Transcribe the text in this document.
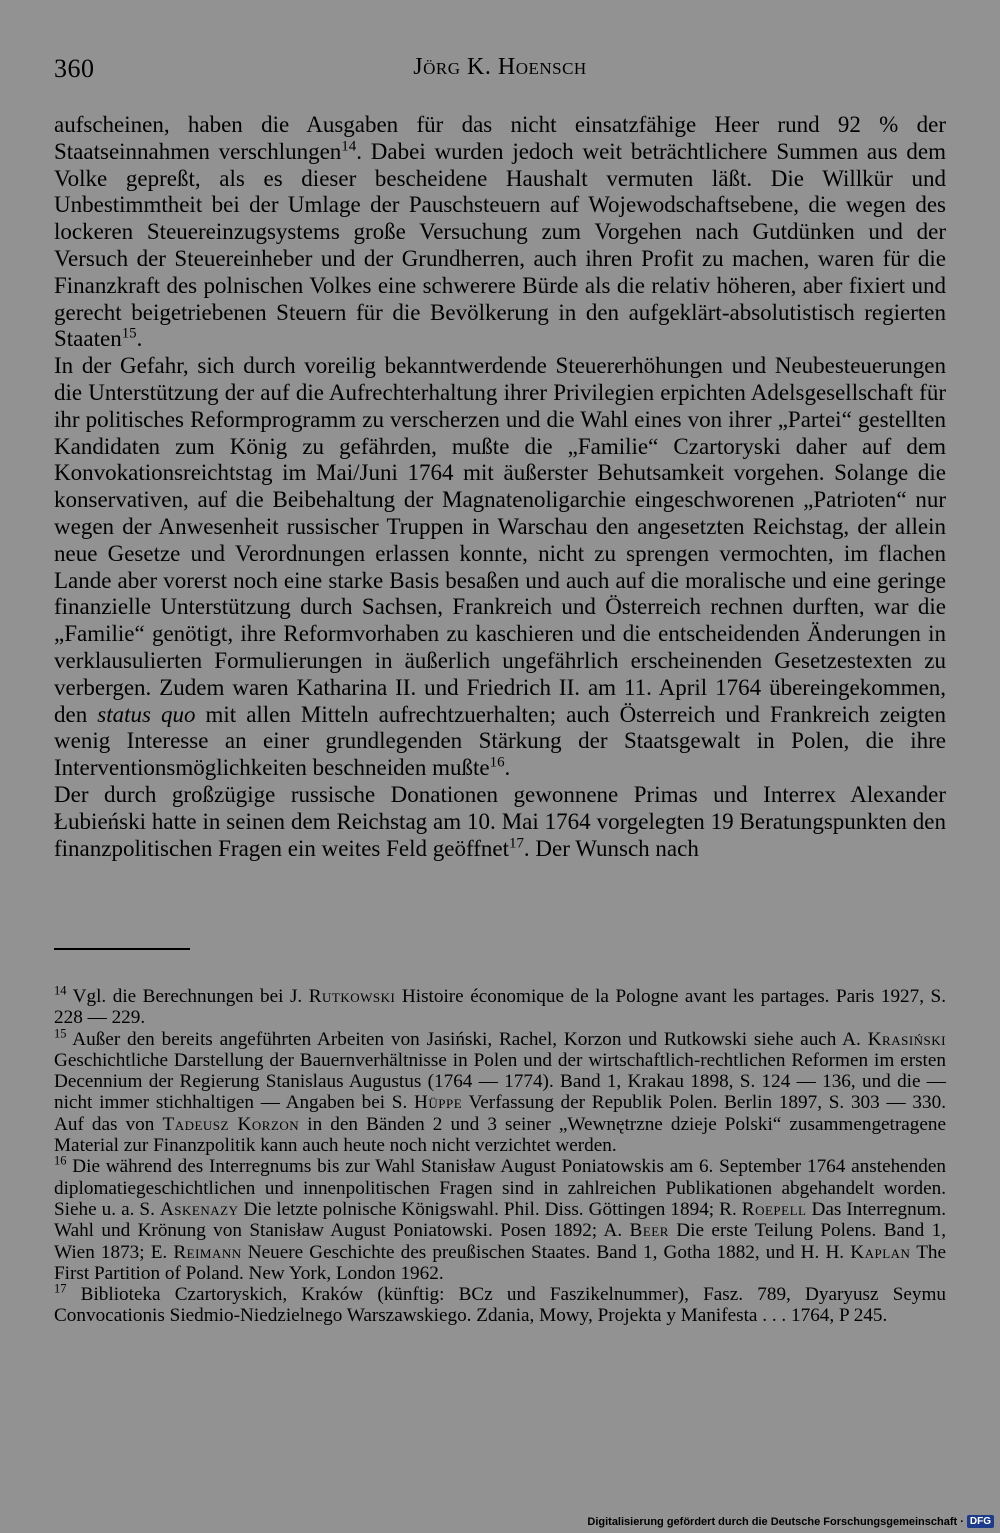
360	Jörg K. Hoensch

aufscheinen, haben die Ausgaben für das nicht einsatzfähige Heer rund 92 % der Staatseinnahmen verschlungen$^{14}$. Dabei wurden jedoch weit beträchtlichere Summen aus dem Volke gepreßt, als es dieser bescheidene Haushalt vermuten läßt. Die Willkür und Unbestimmtheit bei der Umlage der Pauschsteuern auf Wojewodschaftsebene, die wegen des lockeren Steuereinzugsystems große Versuchung zum Vorgehen nach Gutdünken und der Versuch der Steuereinheber und der Grundherren, auch ihren Profit zu machen, waren für die Finanzkraft des polnischen Volkes eine schwerere Bürde als die relativ höheren, aber fixiert und gerecht beigetriebenen Steuern für die Bevölkerung in den aufgeklärt-absolutistisch regierten Staaten$^{15}$.

In der Gefahr, sich durch voreilig bekanntwerdende Steuererhöhungen und Neubesteuerungen die Unterstützung der auf die Aufrechterhaltung ihrer Privilegien erpichten Adelsgesellschaft für ihr politisches Reformprogramm zu verscherzen und die Wahl eines von ihrer „Partei“ gestellten Kandidaten zum König zu gefährden, mußte die „Familie“ Czartoryski daher auf dem Konvokationsreichtstag im Mai/Juni 1764 mit äußerster Behutsamkeit vorgehen. Solange die konservativen, auf die Beibehaltung der Magnatenoligarchie eingeschworenen „Patrioten“ nur wegen der Anwesenheit russischer Truppen in Warschau den angesetzten Reichstag, der allein neue Gesetze und Verordnungen erlassen konnte, nicht zu sprengen vermochten, im flachen Lande aber vorerst noch eine starke Basis besaßen und auch auf die moralische und eine geringe finanzielle Unterstützung durch Sachsen, Frankreich und Österreich rechnen durften, war die „Familie“ genötigt, ihre Reformvorhaben zu kaschieren und die entscheidenden Änderungen in verklausulierten Formulierungen in äußerlich ungefährlich erscheinenden Gesetzestexten zu verbergen. Zudem waren Katharina II. und Friedrich II. am 11. April 1764 übereingekommen, den status quo mit allen Mitteln aufrechtzuerhalten; auch Österreich und Frankreich zeigten wenig Interesse an einer grundlegenden Stärkung der Staatsgewalt in Polen, die ihre Interventionsmöglichkeiten beschneiden mußte$^{16}$.

Der durch großzügige russische Donationen gewonnene Primas und Interrex Alexander Łubieński hatte in seinen dem Reichstag am 10. Mai 1764 vorgelegten 19 Beratungspunkten den finanzpolitischen Fragen ein weites Feld geöffnet$^{17}$. Der Wunsch nach

$^{14}$ Vgl. die Berechnungen bei J. Rutkowski Histoire économique de la Pologne avant les partages. Paris 1927, S. 228 — 229.

$^{15}$ Außer den bereits angeführten Arbeiten von Jasiński, Rachel, Korzon und Rutkowski siehe auch A. Krasiński Geschichtliche Darstellung der Bauernverhältnisse in Polen und der wirtschaftlich-rechtlichen Reformen im ersten Decennium der Regierung Stanislaus Augustus (1764 — 1774). Band 1, Krakau 1898, S. 124 — 136, und die — nicht immer stichhaltigen — Angaben bei S. Hüppe Verfassung der Republik Polen. Berlin 1897, S. 303 — 330. Auf das von Tadeusz Korzon in den Bänden 2 und 3 seiner „Wewnętrzne dzieje Polski“ zusammengetragene Material zur Finanzpolitik kann auch heute noch nicht verzichtet werden.

$^{16}$ Die während des Interregnums bis zur Wahl Stanisław August Poniatowskis am 6. September 1764 anstehenden diplomatiegeschichtlichen und innenpolitischen Fragen sind in zahlreichen Publikationen abgehandelt worden. Siehe u. a. S. Askenazy Die letzte polnische Königswahl. Phil. Diss. Göttingen 1894; R. Roepell Das Interregnum. Wahl und Krönung von Stanisław August Poniatowski. Posen 1892; A. Beer Die erste Teilung Polens. Band 1, Wien 1873; E. Reimann Neuere Geschichte des preußischen Staates. Band 1, Gotha 1882, und H. H. Kaplan The First Partition of Poland. New York, London 1962.

$^{17}$ Biblioteka Czartoryskich, Kraków (künftig: BCz und Faszikelnummer), Fasz. 789, Dyaryusz Seymu Convocationis Siedmio-Niedzielnego Warszawskiego. Zdania, Mowy, Projekta y Manifesta . . . 1764, P 245.

Digitalisierung gefördert durch die Deutsche Forschungsgemeinschaft · DFG
